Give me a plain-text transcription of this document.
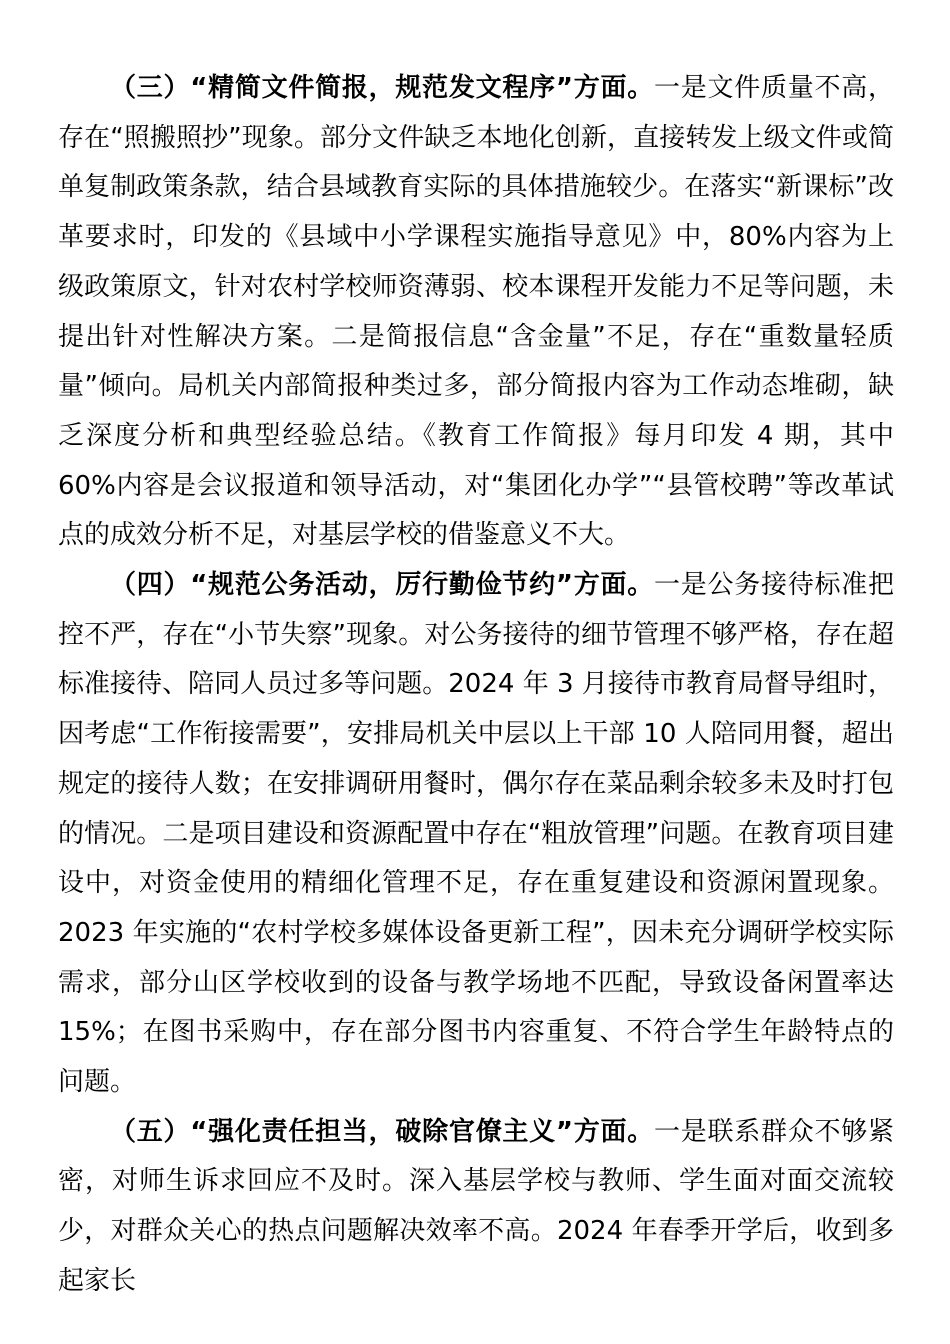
（三）“精简文件简报，规范发文程序”方面。一是文件质量不高，存在“照搬照抄”现象。部分文件缺乏本地化创新，直接转发上级文件或简单复制政策条款，结合县域教育实际的具体措施较少。在落实“新课标”改革要求时，印发的《县域中小学课程实施指导意见》中，80%内容为上级政策原文，针对农村学校师资薄弱、校本课程开发能力不足等问题，未提出针对性解决方案。二是简报信息“含金量”不足，存在“重数量轻质量”倾向。局机关内部简报种类过多，部分简报内容为工作动态堆砌，缺乏深度分析和典型经验总结。《教育工作简报》每月印发 4 期，其中 60%内容是会议报道和领导活动，对“集团化办学”“县管校聘”等改革试点的成效分析不足，对基层学校的借鉴意义不大。

（四）“规范公务活动，厉行勤俭节约”方面。一是公务接待标准把控不严，存在“小节失察”现象。对公务接待的细节管理不够严格，存在超标准接待、陪同人员过多等问题。2024 年 3 月接待市教育局督导组时，因考虑“工作衔接需要”，安排局机关中层以上干部 10 人陪同用餐，超出规定的接待人数；在安排调研用餐时，偶尔存在菜品剩余较多未及时打包的情况。二是项目建设和资源配置中存在“粗放管理”问题。在教育项目建设中，对资金使用的精细化管理不足，存在重复建设和资源闲置现象。2023 年实施的“农村学校多媒体设备更新工程”，因未充分调研学校实际需求，部分山区学校收到的设备与教学场地不匹配，导致设备闲置率达 15%；在图书采购中，存在部分图书内容重复、不符合学生年龄特点的问题。

（五）“强化责任担当，破除官僚主义”方面。一是联系群众不够紧密，对师生诉求回应不及时。深入基层学校与教师、学生面对面交流较少，对群众关心的热点问题解决效率不高。2024 年春季开学后，收到多起家长
